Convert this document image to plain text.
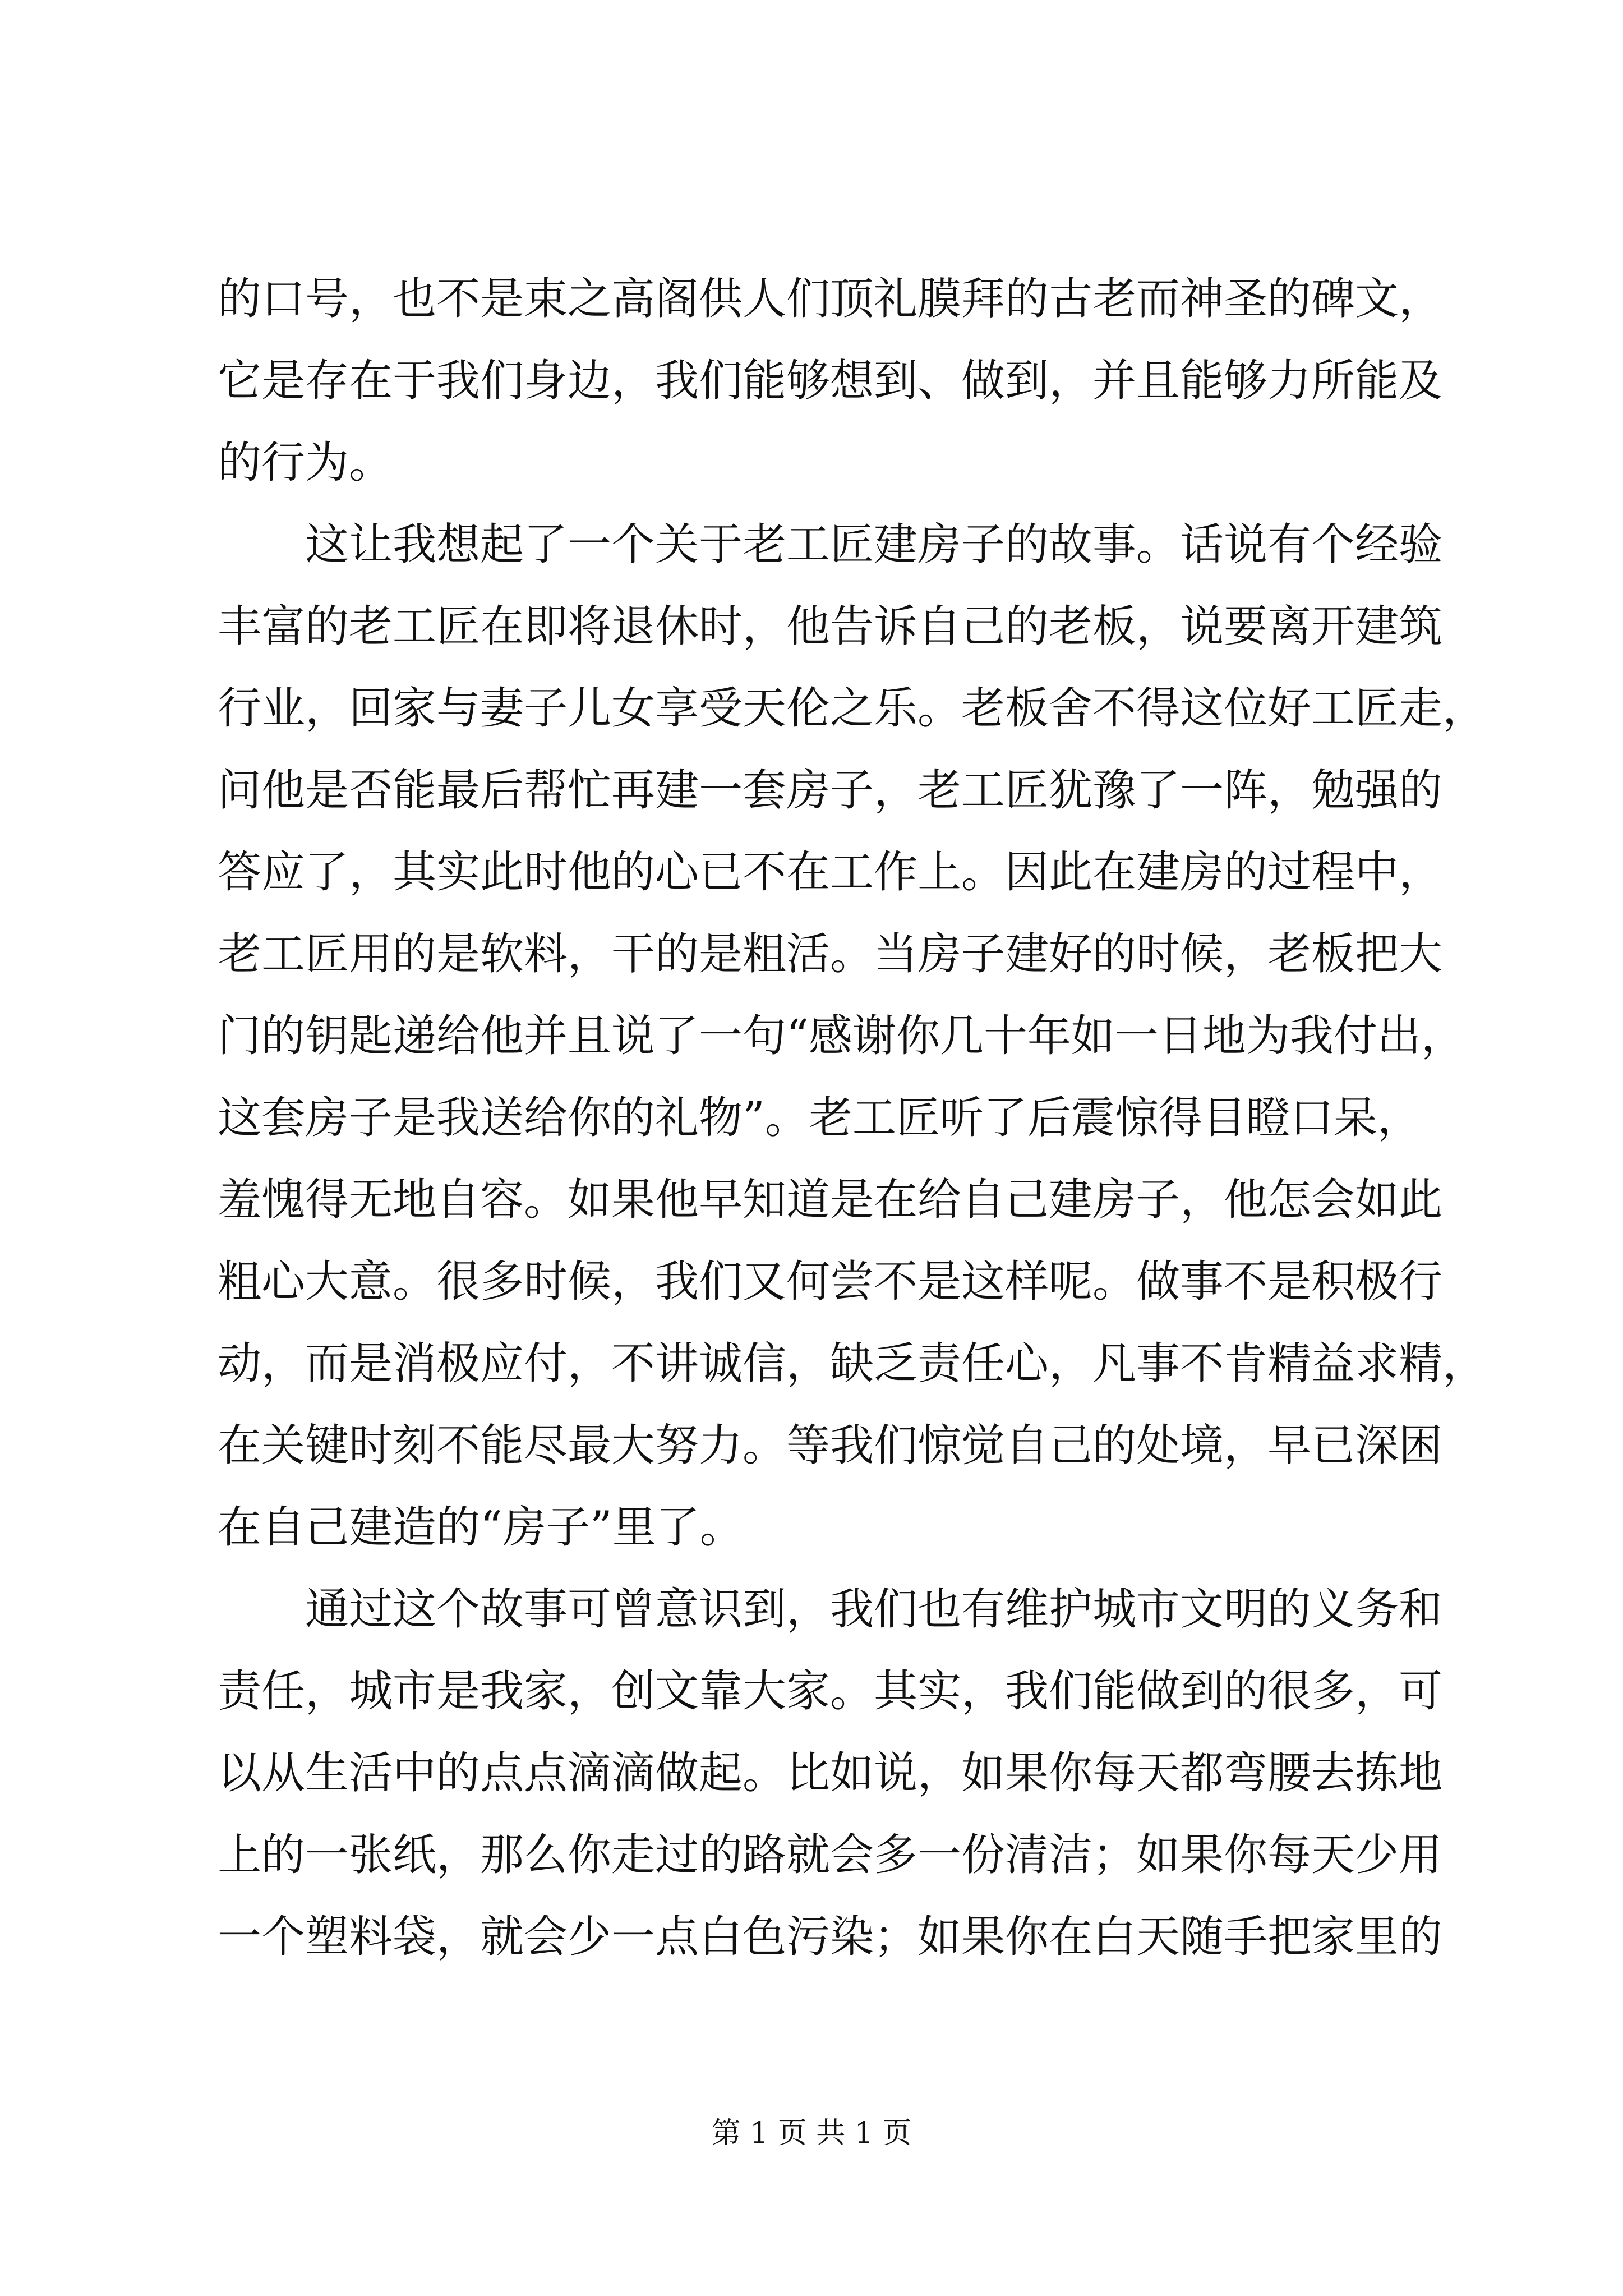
的口号，也不是束之高阁供人们顶礼膜拜的古老而神圣的碑文，
它是存在于我们身边，我们能够想到、做到，并且能够力所能及
的行为。
这让我想起了一个关于老工匠建房子的故事。话说有个经验
丰富的老工匠在即将退休时，他告诉自己的老板，说要离开建筑
行业，回家与妻子儿女享受天伦之乐。老板舍不得这位好工匠走，
问他是否能最后帮忙再建一套房子，老工匠犹豫了一阵，勉强的
答应了，其实此时他的心已不在工作上。因此在建房的过程中，
老工匠用的是软料，干的是粗活。当房子建好的时候，老板把大
门的钥匙递给他并且说了一句“感谢你几十年如一日地为我付出，
这套房子是我送给你的礼物”。老工匠听了后震惊得目瞪口呆，
羞愧得无地自容。如果他早知道是在给自己建房子，他怎会如此
粗心大意。很多时候，我们又何尝不是这样呢。做事不是积极行
动，而是消极应付，不讲诚信，缺乏责任心，凡事不肯精益求精，
在关键时刻不能尽最大努力。等我们惊觉自己的处境，早已深困
在自己建造的“房子”里了。
通过这个故事可曾意识到，我们也有维护城市文明的义务和
责任，城市是我家，创文靠大家。其实，我们能做到的很多，可
以从生活中的点点滴滴做起。比如说，如果你每天都弯腰去拣地
上的一张纸，那么你走过的路就会多一份清洁；如果你每天少用
一个塑料袋，就会少一点白色污染；如果你在白天随手把家里的
第 1 页 共 1 页
